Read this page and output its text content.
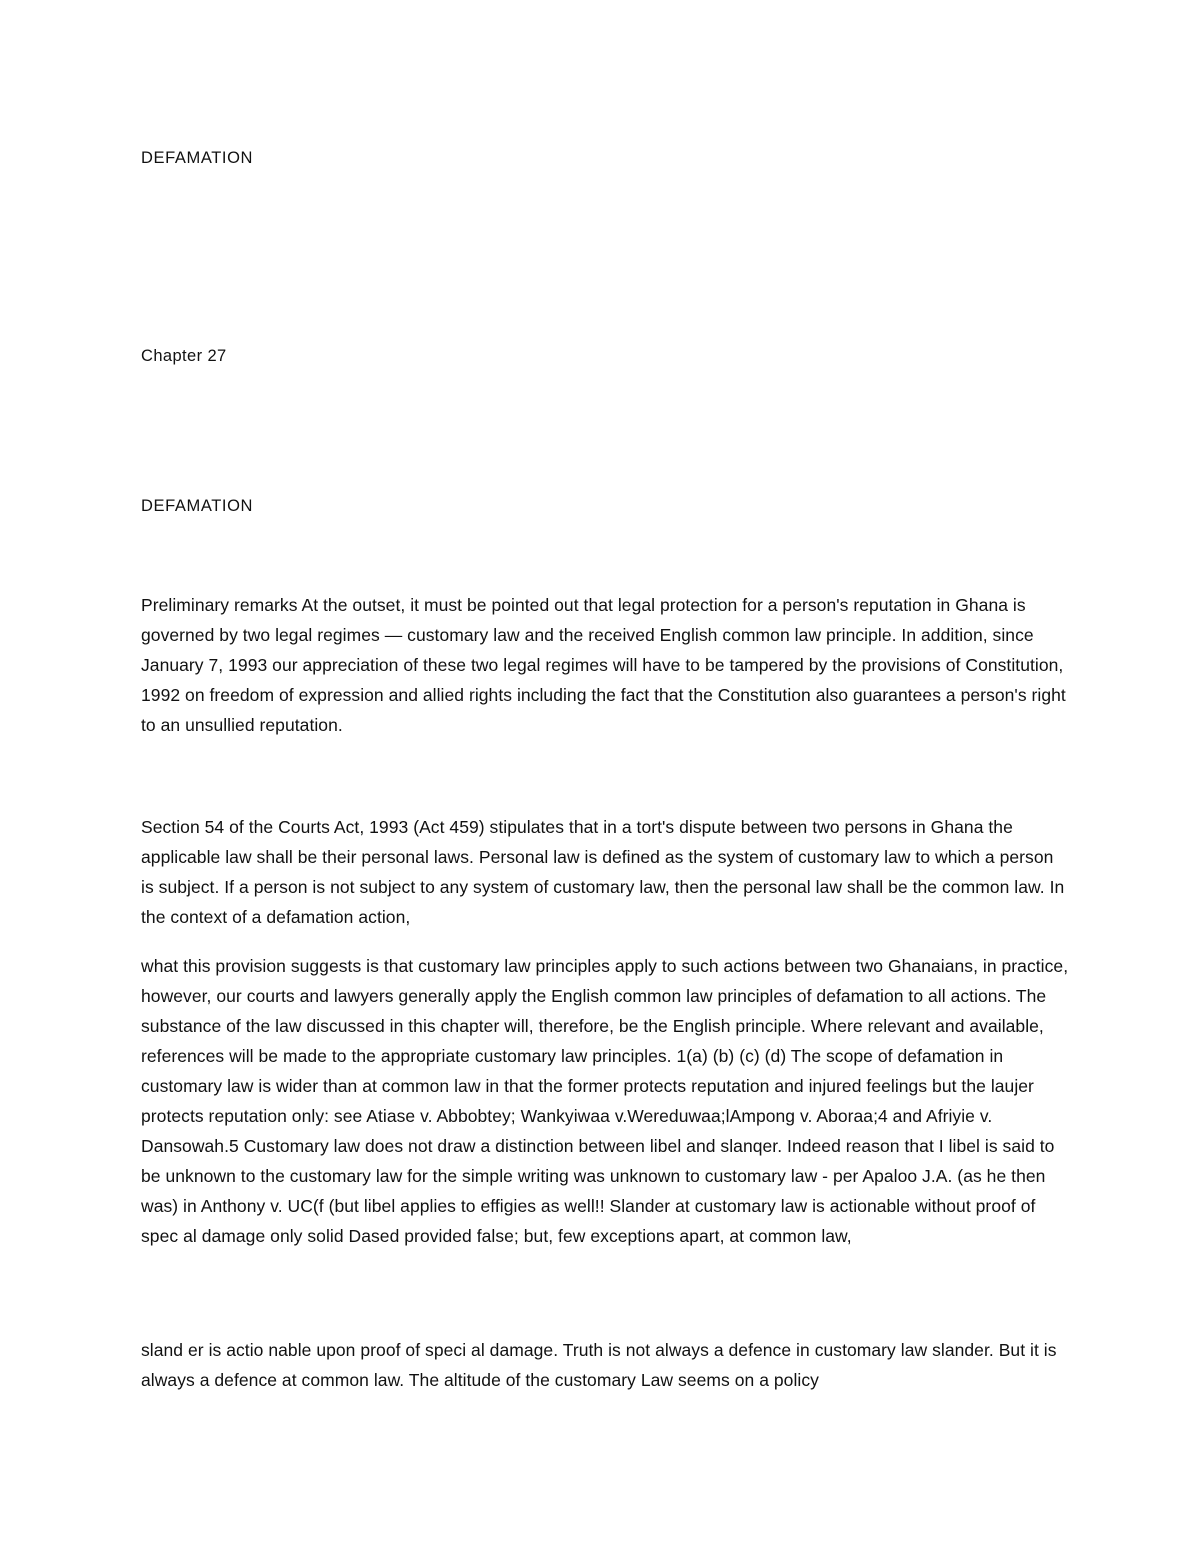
DEFAMATION

Chapter 27

DEFAMATION

Preliminary remarks At the outset, it must be pointed out that legal protection for a person's reputation in Ghana is governed by two legal regimes — customary law and the received English common law principle. In addition, since January 7, 1993 our appreciation of these two legal regimes will have to be tampered by the provisions of Constitution, 1992 on freedom of expression and allied rights including the fact that the Constitution also guarantees a person's right to an unsullied reputation.

Section 54 of the Courts Act, 1993 (Act 459) stipulates that in a tort's dispute between two persons in Ghana the applicable law shall be their personal laws. Personal law is defined as the system of customary law to which a person is subject. If a person is not subject to any system of customary law, then the personal law shall be the common law. In the context of a defamation action,

what this provision suggests is that customary law principles apply to such actions between two Ghanaians, in practice, however, our courts and lawyers generally apply the English common law principles of defamation to all actions. The substance of the law discussed in this chapter will, therefore, be the English principle. Where relevant and available, references will be made to the appropriate customary law principles. 1(a) (b) (c) (d) The scope of defamation in customary law is wider than at common law in that the former protects reputation and injured feelings but the laujer protects reputation only: see Atiase v. Abbobtey; Wankyiwaa v.Wereduwaa;lAmpong v. Aboraa;4 and Afriyie v. Dansowah.5 Customary law does not draw a distinction between libel and slanqer. Indeed reason that I libel is said to be unknown to the customary law for the simple writing was unknown to customary law - per Apaloo J.A. (as he then was) in Anthony v. UC(f (but libel applies to effigies as well!! Slander at customary law is actionable without proof of spec al damage only solid Dased provided false; but, few exceptions apart, at common law,

sland er is actio nable upon proof of speci al damage. Truth is not always a defence in customary law slander. But it is always a defence at common law. The altitude of the customary Law seems on a policy
